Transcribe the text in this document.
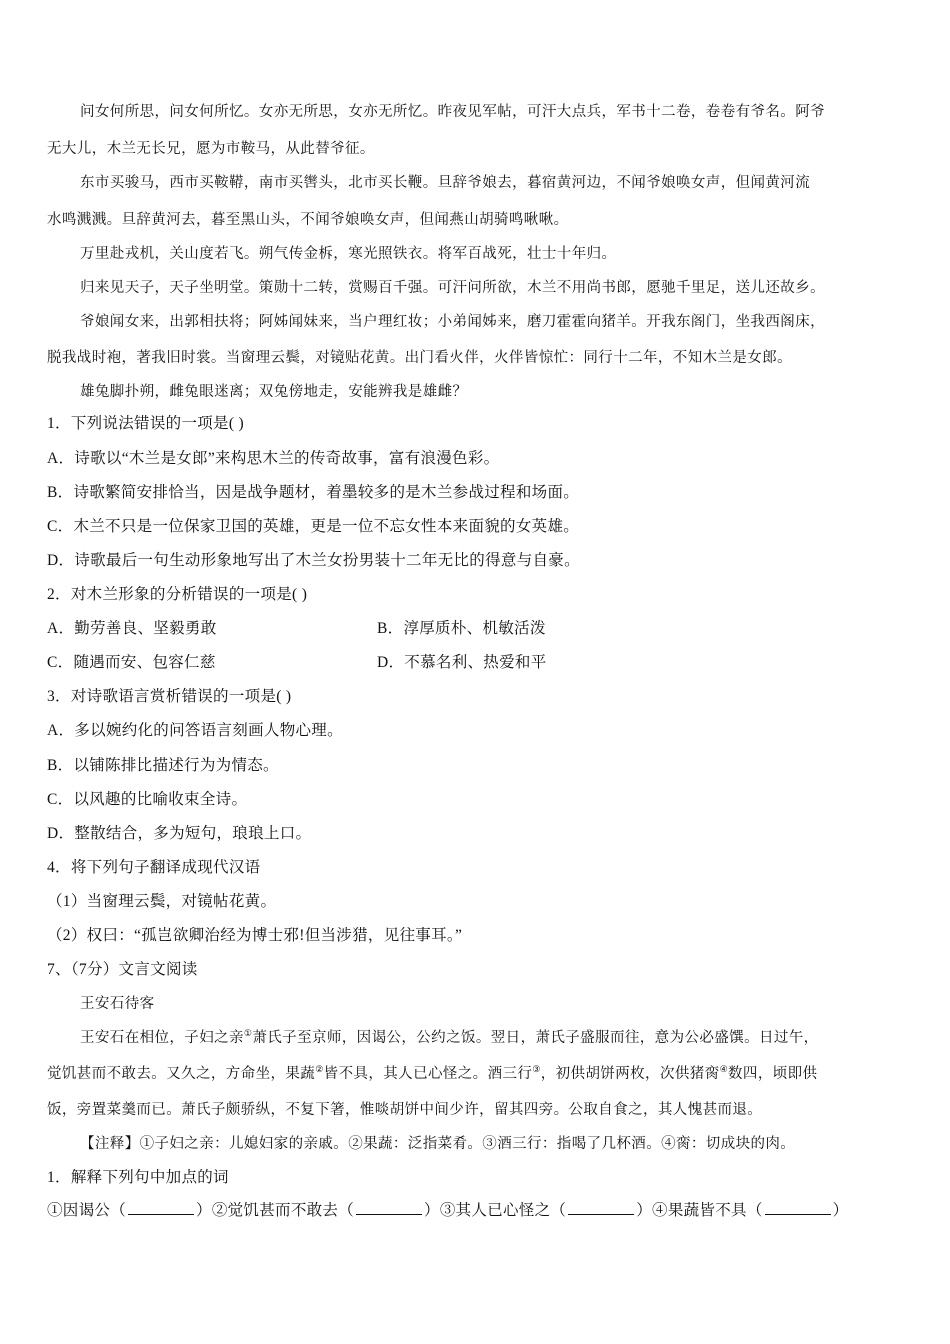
问女何所思，问女何所忆。女亦无所思，女亦无所忆。昨夜见军帖，可汗大点兵，军书十二卷，卷卷有爷名。阿爷
无大儿，木兰无长兄，愿为市鞍马，从此替爷征。
东市买骏马，西市买鞍鞯，南市买辔头，北市买长鞭。旦辞爷娘去，暮宿黄河边，不闻爷娘唤女声，但闻黄河流
水鸣溅溅。旦辞黄河去，暮至黑山头，不闻爷娘唤女声，但闻燕山胡骑鸣啾啾。
万里赴戎机，关山度若飞。朔气传金柝，寒光照铁衣。将军百战死，壮士十年归。
归来见天子，天子坐明堂。策勋十二转，赏赐百千强。可汗问所欲，木兰不用尚书郎，愿驰千里足，送儿还故乡。
爷娘闻女来，出郭相扶将；阿姊闻妹来，当户理红妆；小弟闻姊来，磨刀霍霍向猪羊。开我东阁门，坐我西阁床，
脱我战时袍，著我旧时裳。当窗理云鬓，对镜贴花黄。出门看火伴，火伴皆惊忙：同行十二年，不知木兰是女郎。
雄兔脚扑朔，雌兔眼迷离；双兔傍地走，安能辨我是雄雌？
1．下列说法错误的一项是( )
A．诗歌以“木兰是女郎”来构思木兰的传奇故事，富有浪漫色彩。
B．诗歌繁简安排恰当，因是战争题材，着墨较多的是木兰参战过程和场面。
C．木兰不只是一位保家卫国的英雄，更是一位不忘女性本来面貌的女英雄。
D．诗歌最后一句生动形象地写出了木兰女扮男装十二年无比的得意与自豪。
2．对木兰形象的分析错误的一项是( )
A．勤劳善良、坚毅勇敢	B．淳厚质朴、机敏活泼
C．随遇而安、包容仁慈	D．不慕名利、热爱和平
3．对诗歌语言赏析错误的一项是( )
A．多以婉约化的问答语言刻画人物心理。
B．以铺陈排比描述行为为情态。
C．以风趣的比喻收束全诗。
D．整散结合，多为短句，琅琅上口。
4．将下列句子翻译成现代汉语
（1）当窗理云鬓，对镜帖花黄。
（2）权曰：“孤岂欲卿治经为博士邪!但当涉猎，见往事耳。”
7、（7分）文言文阅读
王安石待客
王安石在相位，子妇之亲①萧氏子至京师，因谒公，公约之饭。翌日，萧氏子盛服而往，意为公必盛馔。日过午，
觉饥甚而不敢去。又久之，方命坐，果蔬②皆不具，其人已心怪之。酒三行③，初供胡饼两枚，次供猪脔④数四，顷即供
饭，旁置菜羹而已。萧氏子颇骄纵，不复下箸，惟啖胡饼中间少许，留其四旁。公取自食之，其人愧甚而退。
【注释】①子妇之亲：儿媳妇家的亲戚。②果蔬：泛指菜肴。③酒三行：指喝了几杯酒。④脔：切成块的肉。
1．解释下列句中加点的词
①因谒公（	）②觉饥甚而不敢去（	）③其人已心怪之（	）④果蔬皆不具（	）
